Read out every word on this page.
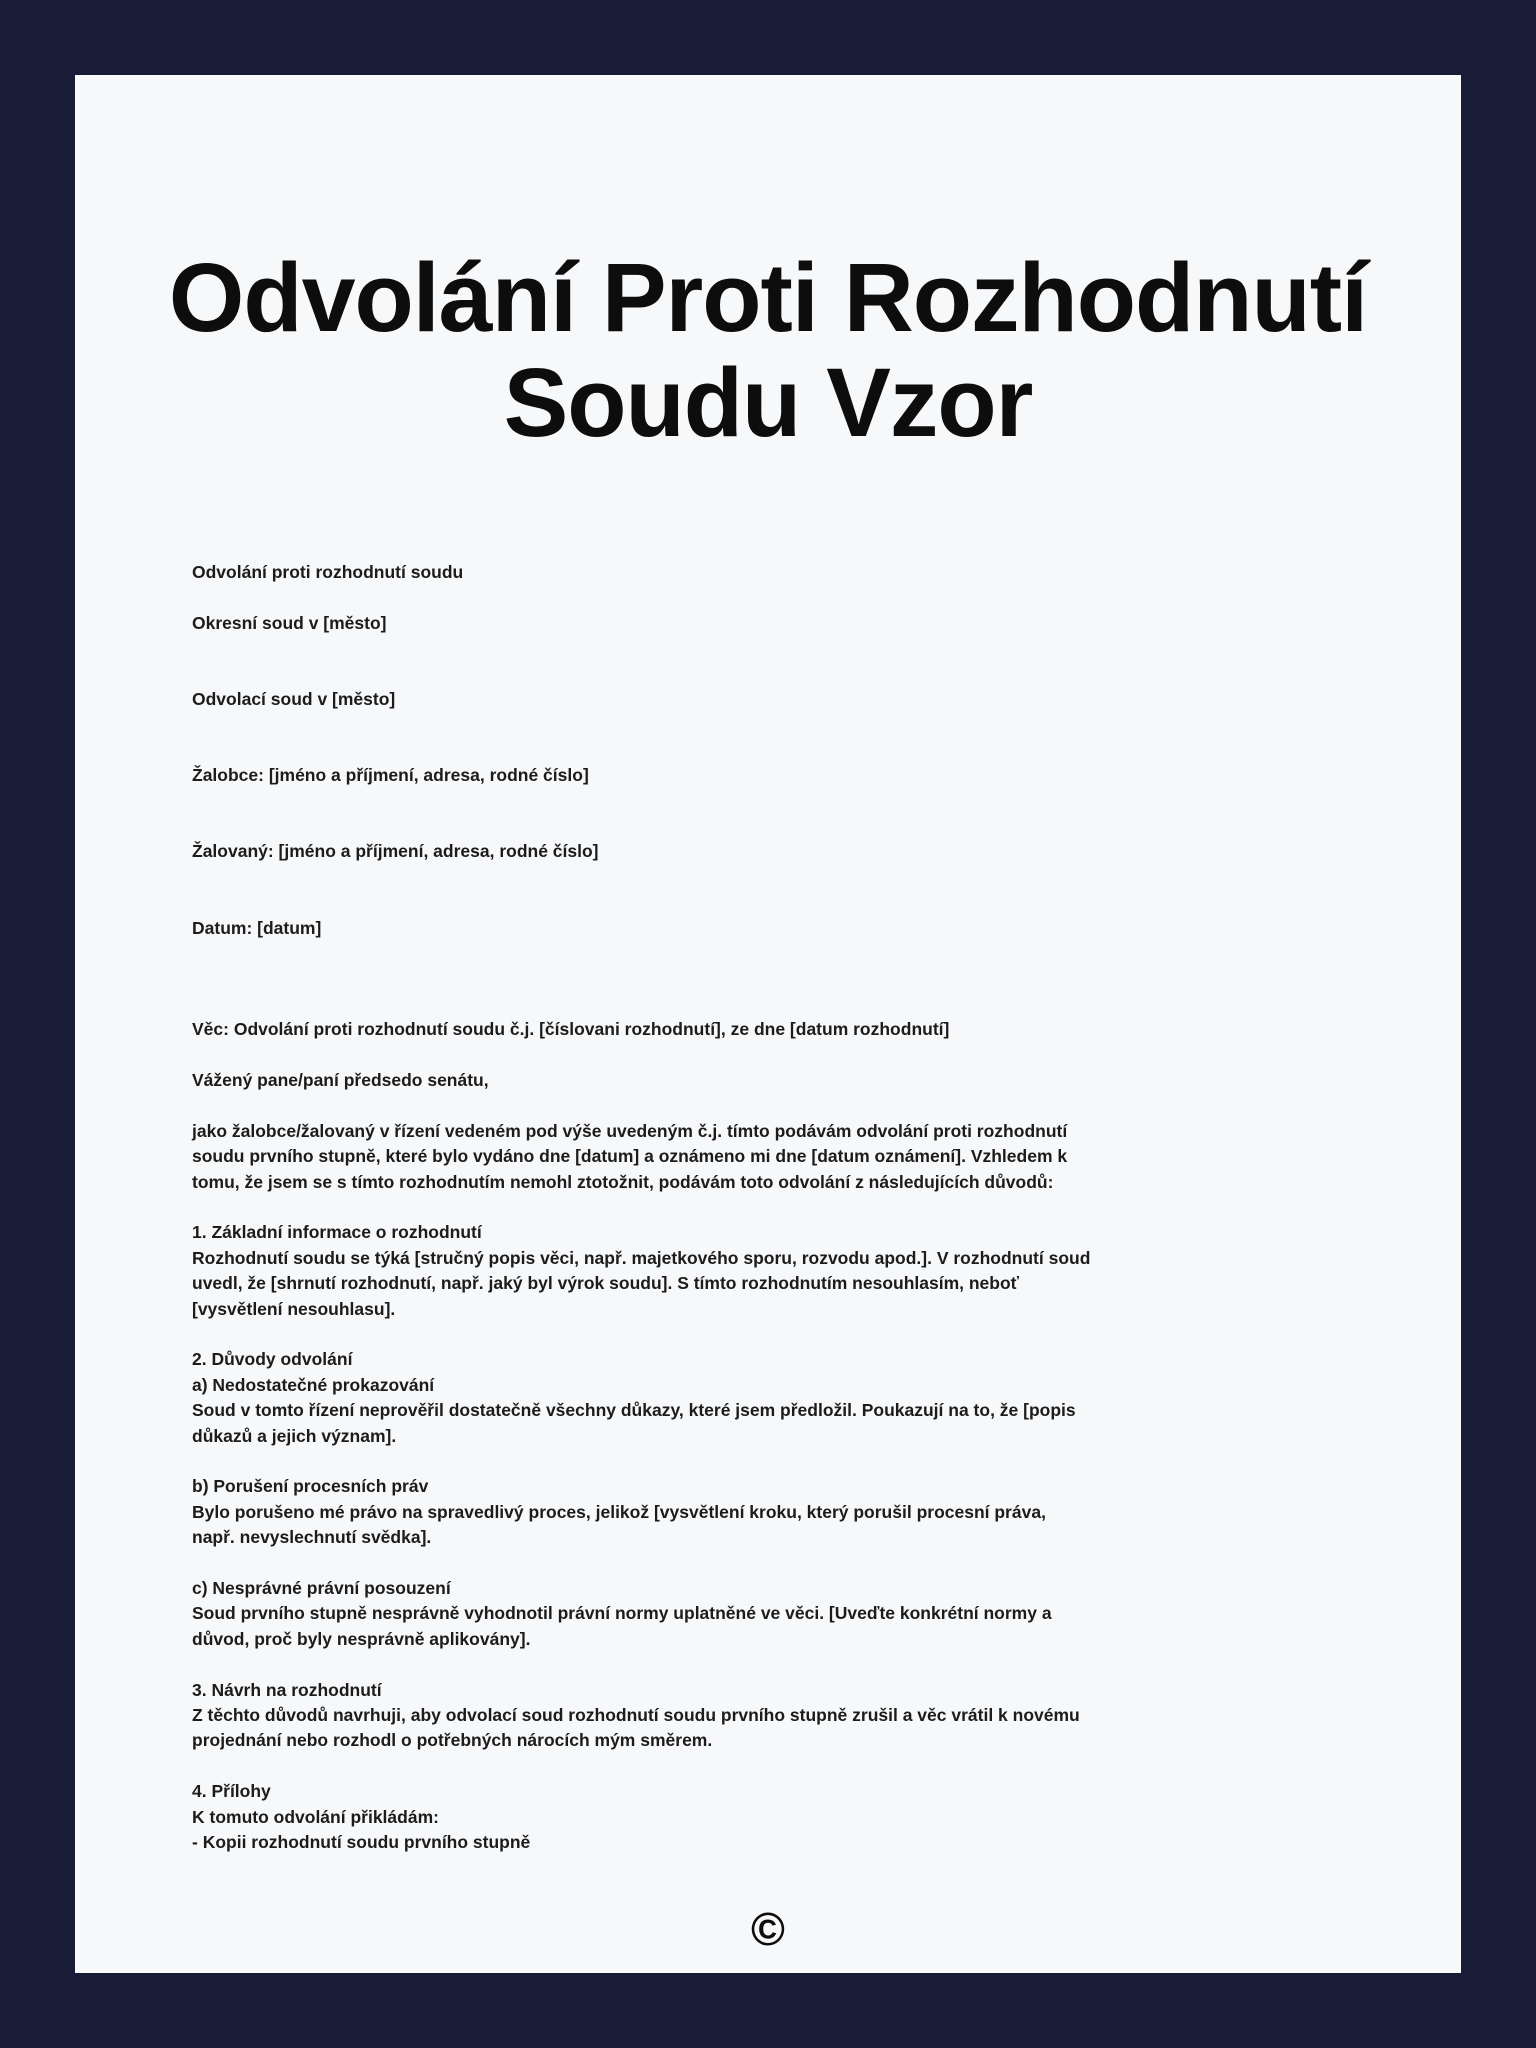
Odvolání Proti Rozhodnutí
Soudu Vzor
Odvolání proti rozhodnutí soudu
Okresní soud v [město]
Odvolací soud v [město]
Žalobce: [jméno a příjmení, adresa, rodné číslo]
Žalovaný: [jméno a příjmení, adresa, rodné číslo]
Datum: [datum]
Věc: Odvolání proti rozhodnutí soudu č.j. [číslovani rozhodnutí], ze dne [datum rozhodnutí]
Vážený pane/paní předsedo senátu,
jako žalobce/žalovaný v řízení vedeném pod výše uvedeným č.j. tímto podávám odvolání proti rozhodnutí
soudu prvního stupně, které bylo vydáno dne [datum] a oznámeno mi dne [datum oznámení]. Vzhledem k
tomu, že jsem se s tímto rozhodnutím nemohl ztotožnit, podávám toto odvolání z následujících důvodů:
1. Základní informace o rozhodnutí
Rozhodnutí soudu se týká [stručný popis věci, např. majetkového sporu, rozvodu apod.]. V rozhodnutí soud
uvedl, že [shrnutí rozhodnutí, např. jaký byl výrok soudu]. S tímto rozhodnutím nesouhlasím, neboť
[vysvětlení nesouhlasu].
2. Důvody odvolání
a) Nedostatečné prokazování
Soud v tomto řízení neprověřil dostatečně všechny důkazy, které jsem předložil. Poukazují na to, že [popis
důkazů a jejich význam].
b) Porušení procesních práv
Bylo porušeno mé právo na spravedlivý proces, jelikož [vysvětlení kroku, který porušil procesní práva,
např. nevyslechnutí svědka].
c) Nesprávné právní posouzení
Soud prvního stupně nesprávně vyhodnotil právní normy uplatněné ve věci. [Uveďte konkrétní normy a
důvod, proč byly nesprávně aplikovány].
3. Návrh na rozhodnutí
Z těchto důvodů navrhuji, aby odvolací soud rozhodnutí soudu prvního stupně zrušil a věc vrátil k novému
projednání nebo rozhodl o potřebných nárocích mým směrem.
4. Přílohy
K tomuto odvolání přikládám:
- Kopii rozhodnutí soudu prvního stupně
©
